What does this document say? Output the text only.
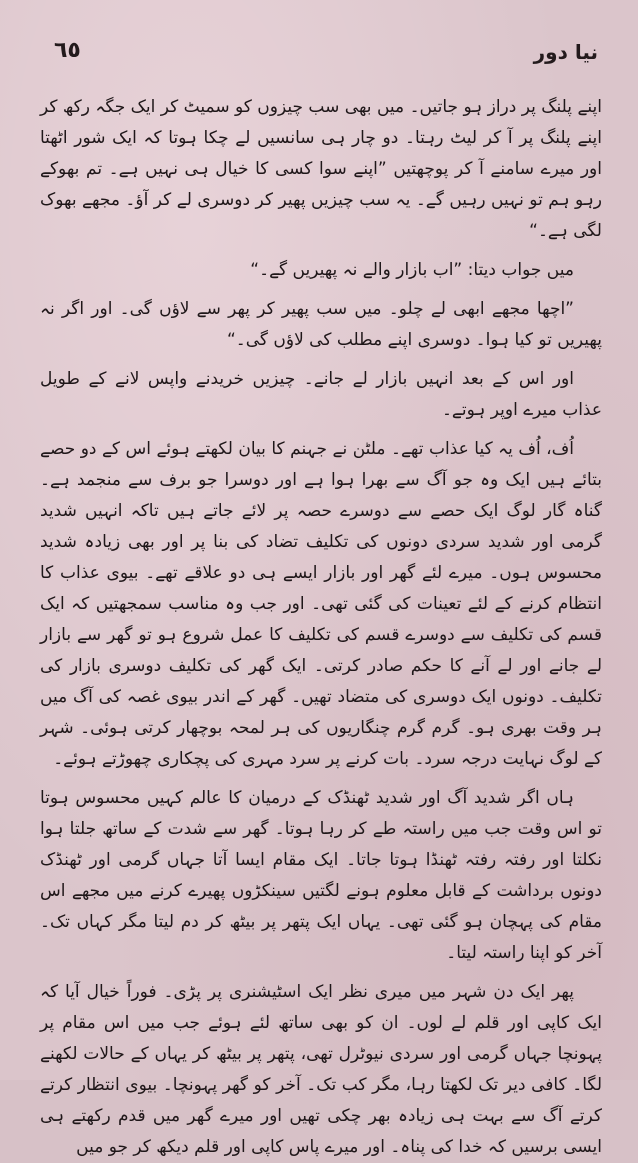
٦٥	نیا دور

اپنے پلنگ پر دراز ہو جاتیں۔ میں بھی سب چیزوں کو سمیٹ کر ایک جگہ رکھ کر اپنے پلنگ پر آ کر لیٹ رہتا۔ دو چار ہی سانسیں لے چکا ہوتا کہ ایک شور اٹھتا اور میرے سامنے آ کر پوچھتیں ”اپنے سوا کسی کا خیال ہی نہیں ہے۔ تم بھوکے رہو ہم تو نہیں رہیں گے۔ یہ سب چیزیں پھیر کر دوسری لے کر آؤ۔ مجھے بھوک لگی ہے۔“

میں جواب دیتا: ”اب بازار والے نہ پھیریں گے۔“

”اچھا مجھے ابھی لے چلو۔ میں سب پھیر کر پھر سے لاؤں گی۔ اور اگر نہ پھیریں تو کیا ہوا۔ دوسری اپنے مطلب کی لاؤں گی۔“

اور اس کے بعد انہیں بازار لے جانے۔ چیزیں خریدنے واپس لانے کے طویل عذاب میرے اوپر ہوتے۔

اُف، اُف یہ کیا عذاب تھے۔ ملٹن نے جہنم کا بیان لکھتے ہوئے اس کے دو حصے بتائے ہیں ایک وہ جو آگ سے بھرا ہوا ہے اور دوسرا جو برف سے منجمد ہے۔ گناہ گار لوگ ایک حصے سے دوسرے حصہ پر لائے جاتے ہیں تاکہ انہیں شدید گرمی اور شدید سردی دونوں کی تکلیف تضاد کی بنا پر اور بھی زیادہ شدید محسوس ہوں۔ میرے لئے گھر اور بازار ایسے ہی دو علاقے تھے۔ بیوی عذاب کا انتظام کرنے کے لئے تعینات کی گئی تھی۔ اور جب وہ مناسب سمجھتیں کہ ایک قسم کی تکلیف سے دوسرے قسم کی تکلیف کا عمل شروع ہو تو گھر سے بازار لے جانے اور لے آنے کا حکم صادر کرتی۔ ایک گھر کی تکلیف دوسری بازار کی تکلیف۔ دونوں ایک دوسری کی متضاد تھیں۔ گھر کے اندر بیوی غصہ کی آگ میں ہر وقت بھری ہو۔ گرم گرم چنگاریوں کی ہر لمحہ بوچھار کرتی ہوئی۔ شہر کے لوگ نہایت درجہ سرد۔ بات کرنے پر سرد مہری کی پچکاری چھوڑتے ہوئے۔

ہاں اگر شدید آگ اور شدید ٹھنڈک کے درمیان کا عالم کہیں محسوس ہوتا تو اس وقت جب میں راستہ طے کر رہا ہوتا۔ گھر سے شدت کے ساتھ جلتا ہوا نکلتا اور رفتہ رفتہ ٹھنڈا ہوتا جاتا۔ ایک مقام ایسا آتا جہاں گرمی اور ٹھنڈک دونوں برداشت کے قابل معلوم ہونے لگتیں سینکڑوں پھیرے کرنے میں مجھے اس مقام کی پہچان ہو گئی تھی۔ یہاں ایک پتھر پر بیٹھ کر دم لیتا مگر کہاں تک۔ آخر کو اپنا راستہ لیتا۔

پھر ایک دن شہر میں میری نظر ایک اسٹیشنری پر پڑی۔ فوراً خیال آیا کہ ایک کاپی اور قلم لے لوں۔ ان کو بھی ساتھ لئے ہوئے جب میں اس مقام پر پہونچا جہاں گرمی اور سردی نیوٹرل تھی، پتھر پر بیٹھ کر یہاں کے حالات لکھنے لگا۔ کافی دیر تک لکھتا رہا، مگر کب تک۔ آخر کو گھر پہونچا۔ بیوی انتظار کرتے کرتے آگ سے بہت ہی زیادہ بھر چکی تھیں اور میرے گھر میں قدم رکھتے ہی ایسی برسیں کہ خدا کی پناہ۔ اور میرے پاس کاپی اور قلم دیکھ کر جو میں
